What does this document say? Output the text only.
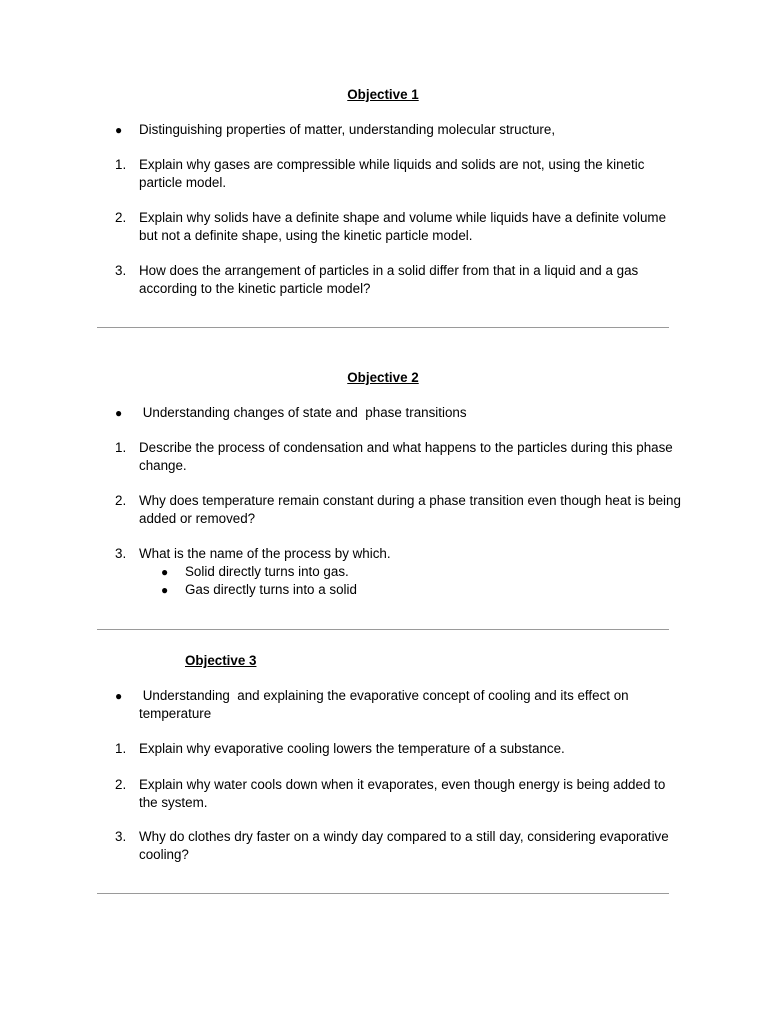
Objective 1
●	Distinguishing properties of matter, understanding molecular structure,
1. Explain why gases are compressible while liquids and solids are not, using the kinetic particle model.
2. Explain why solids have a definite shape and volume while liquids have a definite volume but not a definite shape, using the kinetic particle model.
3. How does the arrangement of particles in a solid differ from that in a liquid and a gas according to the kinetic particle model?
Objective 2
●	Understanding changes of state and  phase transitions
1. Describe the process of condensation and what happens to the particles during this phase change.
2. Why does temperature remain constant during a phase transition even though heat is being added or removed?
3. What is the name of the process by which.
● Solid directly turns into gas.
● Gas directly turns into a solid
Objective 3
●	Understanding  and explaining the evaporative concept of cooling and its effect on temperature
1. Explain why evaporative cooling lowers the temperature of a substance.
2. Explain why water cools down when it evaporates, even though energy is being added to the system.
3. Why do clothes dry faster on a windy day compared to a still day, considering evaporative cooling?
